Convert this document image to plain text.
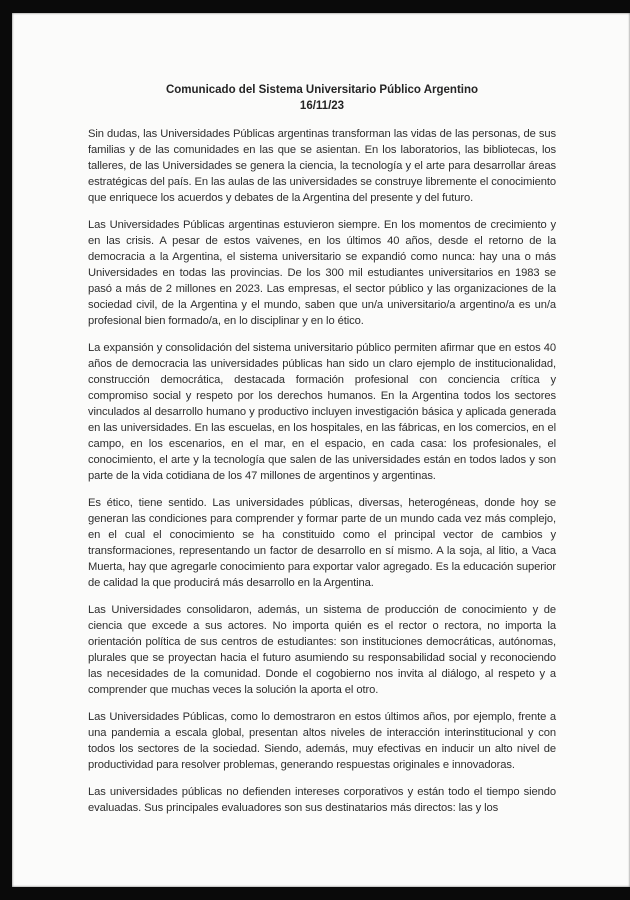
Comunicado del Sistema Universitario Público Argentino
16/11/23

Sin dudas, las Universidades Públicas argentinas transforman las vidas de las personas, de sus familias y de las comunidades en las que se asientan. En los laboratorios, las bibliotecas, los talleres, de las Universidades se genera la ciencia, la tecnología y el arte para desarrollar áreas estratégicas del país. En las aulas de las universidades se construye libremente el conocimiento que enriquece los acuerdos y debates de la Argentina del presente y del futuro.

Las Universidades Públicas argentinas estuvieron siempre. En los momentos de crecimiento y en las crisis. A pesar de estos vaivenes, en los últimos 40 años, desde el retorno de la democracia a la Argentina, el sistema universitario se expandió como nunca: hay una o más Universidades en todas las provincias. De los 300 mil estudiantes universitarios en 1983 se pasó a más de 2 millones en 2023. Las empresas, el sector público y las organizaciones de la sociedad civil, de la Argentina y el mundo, saben que un/a universitario/a argentino/a es un/a profesional bien formado/a, en lo disciplinar y en lo ético.

La expansión y consolidación del sistema universitario público permiten afirmar que en estos 40 años de democracia las universidades públicas han sido un claro ejemplo de institucionalidad, construcción democrática, destacada formación profesional con conciencia crítica y compromiso social y respeto por los derechos humanos. En la Argentina todos los sectores vinculados al desarrollo humano y productivo incluyen investigación básica y aplicada generada en las universidades. En las escuelas, en los hospitales, en las fábricas, en los comercios, en el campo, en los escenarios, en el mar, en el espacio, en cada casa: los profesionales, el conocimiento, el arte y la tecnología que salen de las universidades están en todos lados y son parte de la vida cotidiana de los 47 millones de argentinos y argentinas.

Es ético, tiene sentido. Las universidades públicas, diversas, heterogéneas, donde hoy se generan las condiciones para comprender y formar parte de un mundo cada vez más complejo, en el cual el conocimiento se ha constituido como el principal vector de cambios y transformaciones, representando un factor de desarrollo en sí mismo. A la soja, al litio, a Vaca Muerta, hay que agregarle conocimiento para exportar valor agregado. Es la educación superior de calidad la que producirá más desarrollo en la Argentina.

Las Universidades consolidaron, además, un sistema de producción de conocimiento y de ciencia que excede a sus actores. No importa quién es el rector o rectora, no importa la orientación política de sus centros de estudiantes: son instituciones democráticas, autónomas, plurales que se proyectan hacia el futuro asumiendo su responsabilidad social y reconociendo las necesidades de la comunidad. Donde el cogobierno nos invita al diálogo, al respeto y a comprender que muchas veces la solución la aporta el otro.

Las Universidades Públicas, como lo demostraron en estos últimos años, por ejemplo, frente a una pandemia a escala global, presentan altos niveles de interacción interinstitucional y con todos los sectores de la sociedad. Siendo, además, muy efectivas en inducir un alto nivel de productividad para resolver problemas, generando respuestas originales e innovadoras.

Las universidades públicas no defienden intereses corporativos y están todo el tiempo siendo evaluadas. Sus principales evaluadores son sus destinatarios más directos: las y los
